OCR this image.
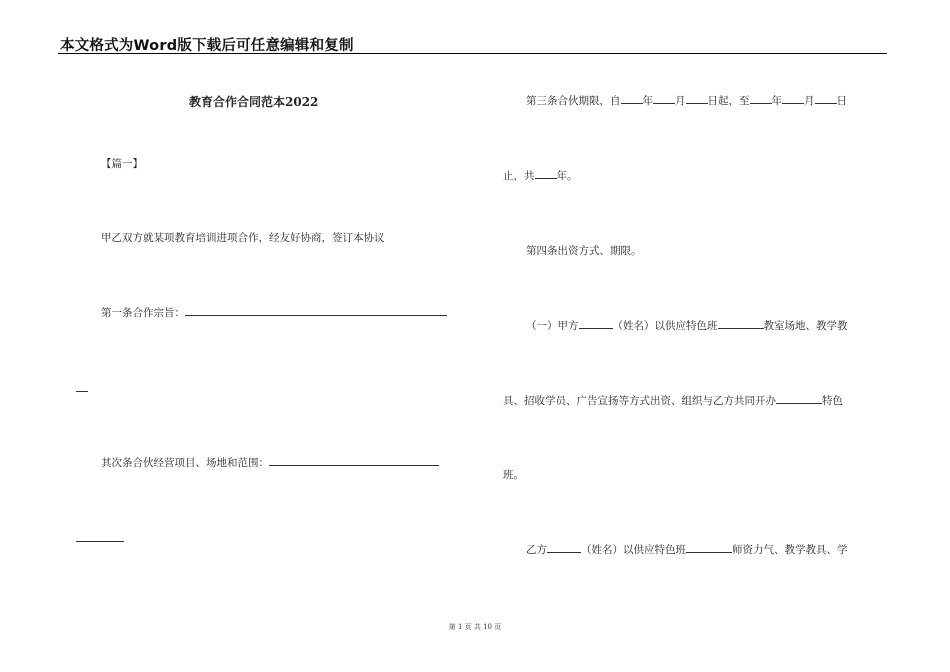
本文格式为Word版下载后可任意编辑和复制
教育合作合同范本2022
【篇一】
甲乙双方就某项教育培训进项合作，经友好协商，签订本协议
第一条合作宗旨：
其次条合伙经营项目、场地和范围：
第三条合伙期限，自 年 月 日起，至 年 月 日
止，共 年。
第四条出资方式、期限。
（一）甲方	（姓名）以供应特色班	教室场地、教学教
具、招收学员、广告宣扬等方式出资、组织与乙方共同开办	特色
班。
乙方	（姓名）以供应特色班	师资力气、教学教具、学
第 1 页 共 10 页
